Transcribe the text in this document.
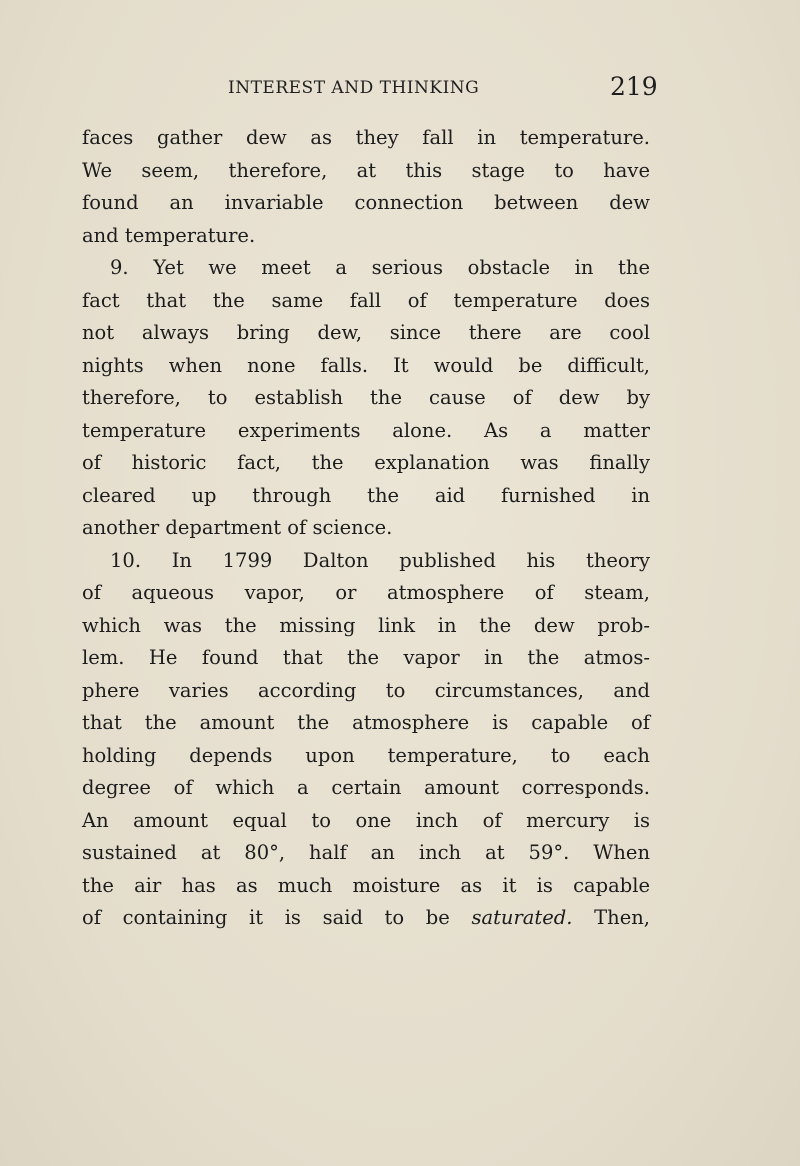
INTEREST AND THINKING	219
faces gather dew as they fall in temperature.
We seem, therefore, at this stage to have
found an invariable connection between dew
and temperature.
9. Yet we meet a serious obstacle in the
fact that the same fall of temperature does
not always bring dew, since there are cool
nights when none falls. It would be difficult,
therefore, to establish the cause of dew by
temperature experiments alone. As a matter
of historic fact, the explanation was finally
cleared up through the aid furnished in
another department of science.
10. In 1799 Dalton published his theory
of aqueous vapor, or atmosphere of steam,
which was the missing link in the dew prob-
lem. He found that the vapor in the atmos-
phere varies according to circumstances, and
that the amount the atmosphere is capable of
holding depends upon temperature, to each
degree of which a certain amount corresponds.
An amount equal to one inch of mercury is
sustained at 80°, half an inch at 59°. When
the air has as much moisture as it is capable
of containing it is said to be saturated. Then,
